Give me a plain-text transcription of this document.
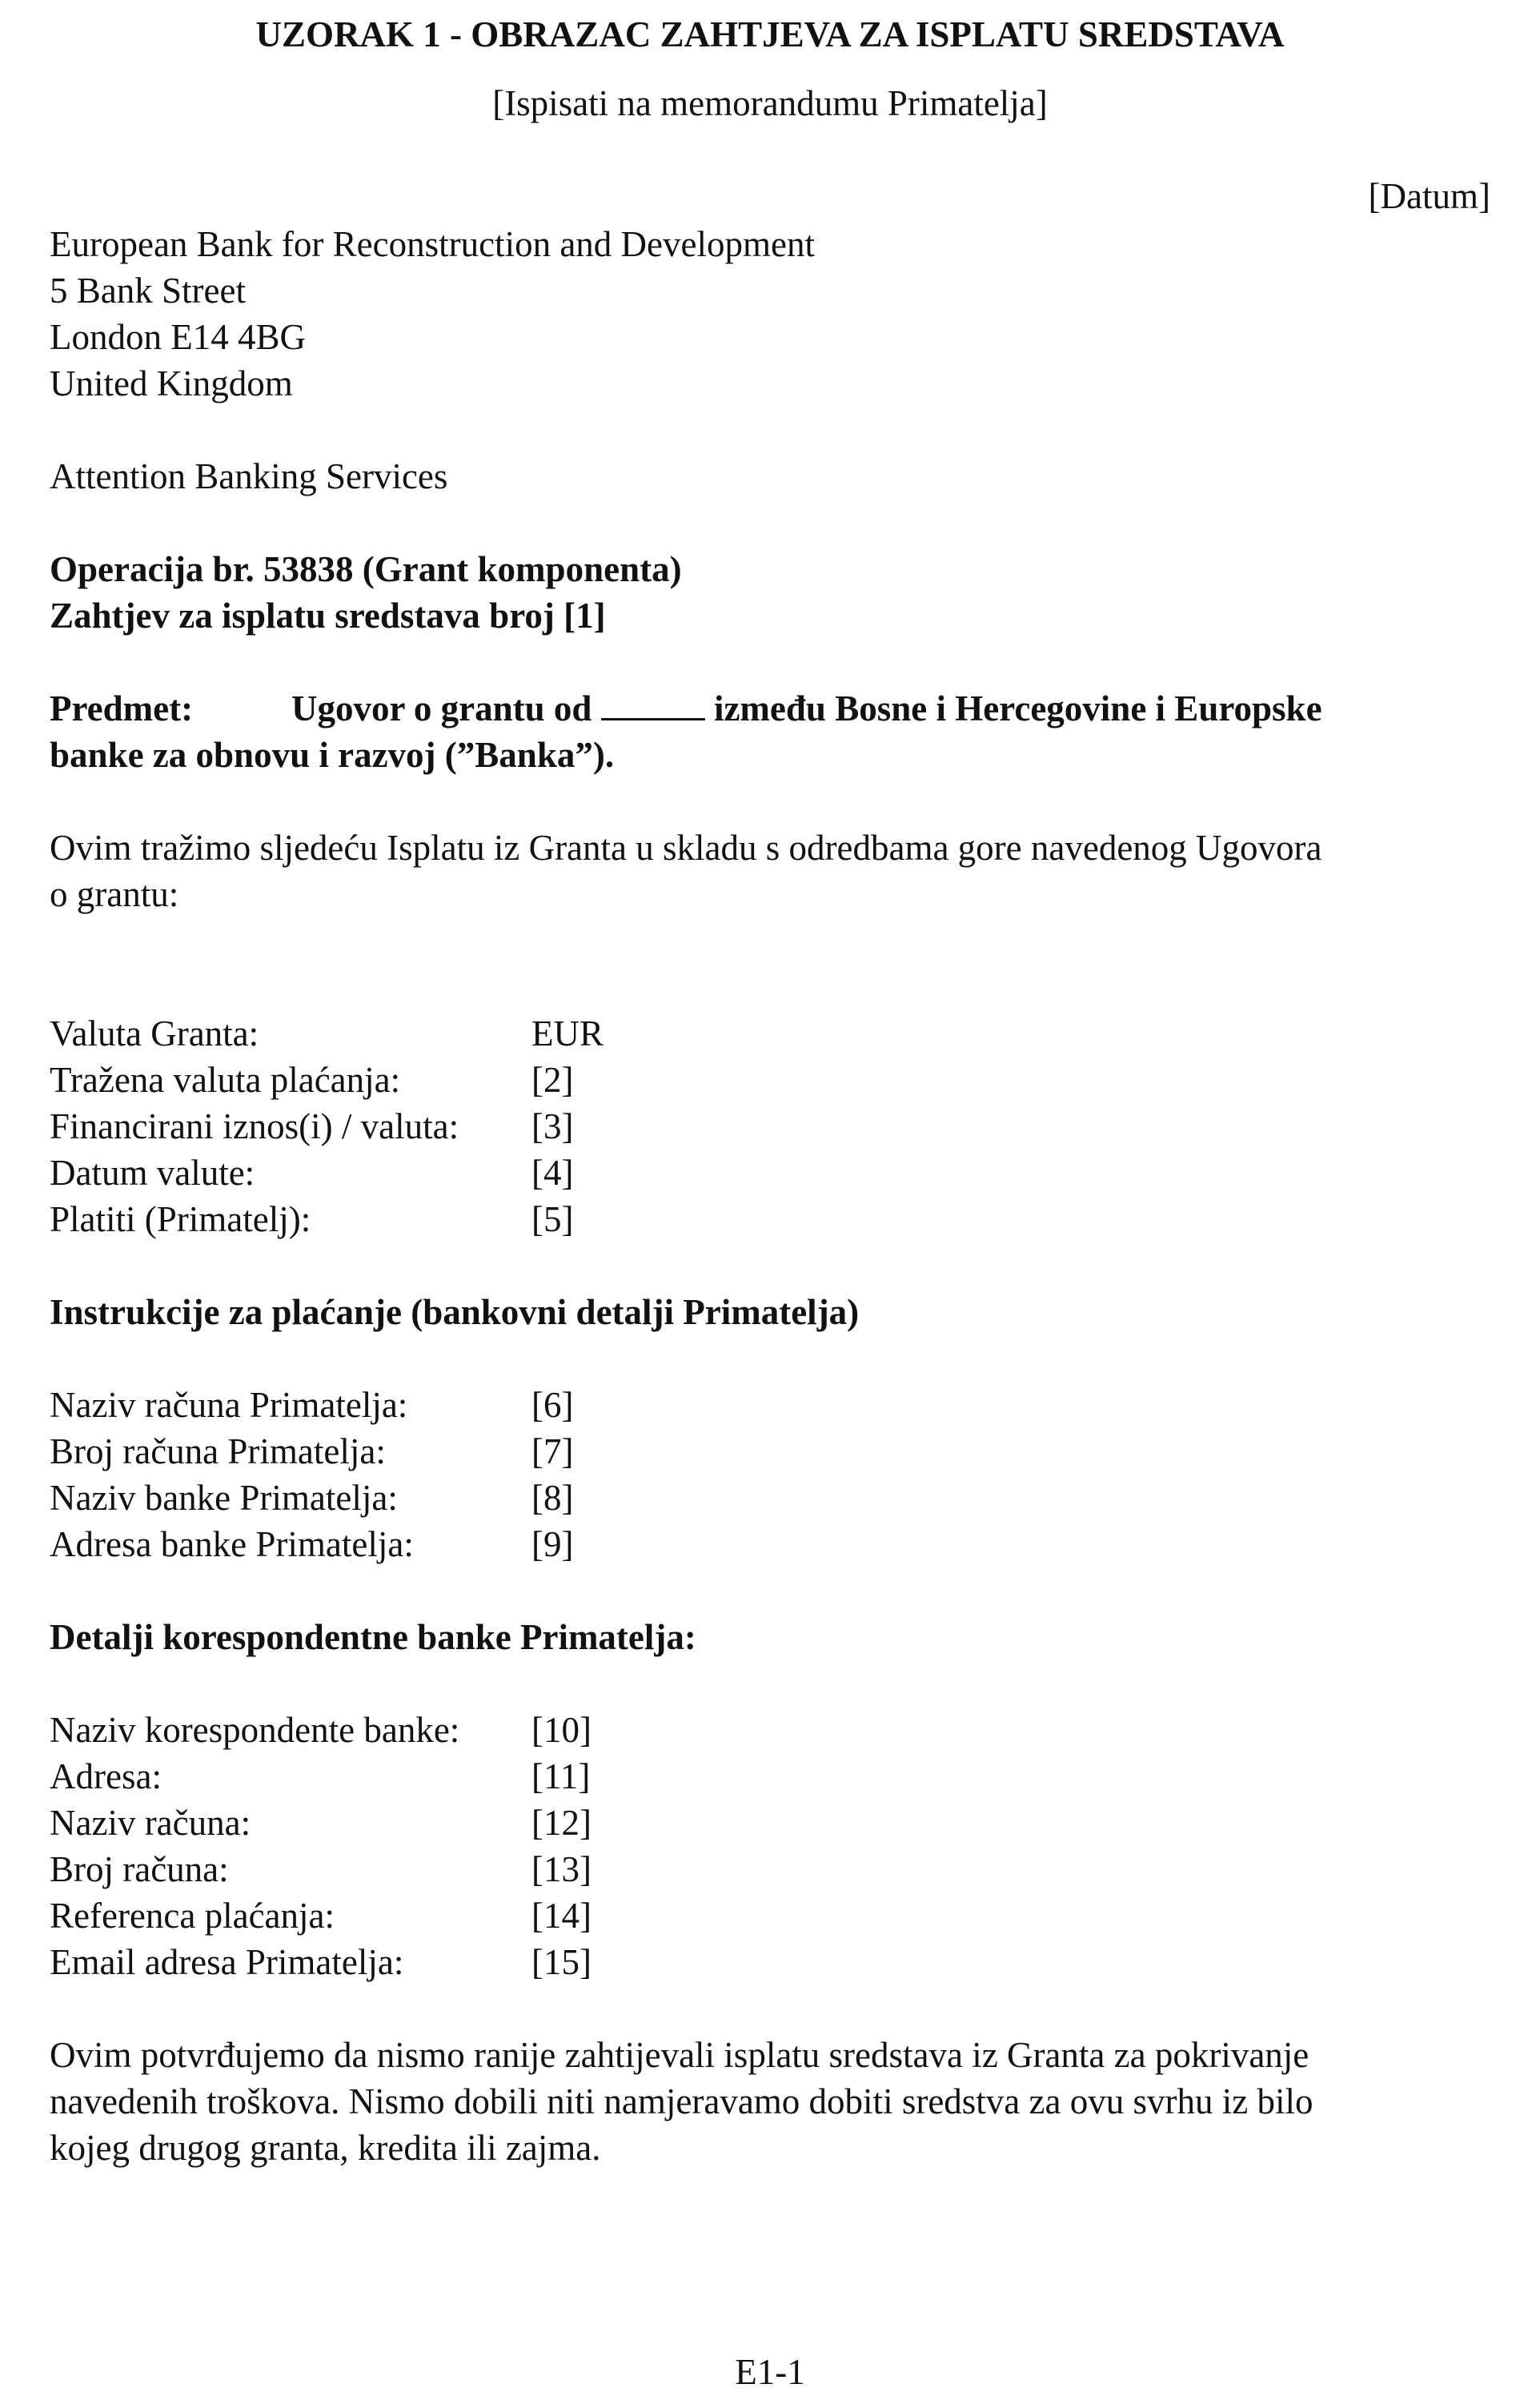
UZORAK 1 - OBRAZAC ZAHTJEVA ZA ISPLATU SREDSTAVA
[Ispisati na memorandumu Primatelja]
[Datum]
European Bank for Reconstruction and Development
5 Bank Street
London E14 4BG
United Kingdom
Attention Banking Services
Operacija br. 53838 (Grant komponenta)
Zahtjev za isplatu sredstava broj [1]
Predmet:	Ugovor o grantu od	između Bosne i Hercegovine i Europske
banke za obnovu i razvoj (”Banka”).
Ovim tražimo sljedeću Isplatu iz Granta u skladu s odredbama gore navedenog Ugovora
o grantu:
Valuta Granta:	EUR
Tražena valuta plaćanja:	[2]
Financirani iznos(i) / valuta: [3]
Datum valute:	[4]
Platiti (Primatelj):	[5]
Instrukcije za plaćanje (bankovni detalji Primatelja)
Naziv računa Primatelja:	[6]
Broj računa Primatelja:	[7]
Naziv banke Primatelja:	[8]
Adresa banke Primatelja:	[9]
Detalji korespondentne banke Primatelja:
Naziv korespondente banke: [10]
Adresa:	[11]
Naziv računa:	[12]
Broj računa:	[13]
Referenca plaćanja:	[14]
Email adresa Primatelja:	[15]
Ovim potvrđujemo da nismo ranije zahtijevali isplatu sredstava iz Granta za pokrivanje
navedenih troškova. Nismo dobili niti namjeravamo dobiti sredstva za ovu svrhu iz bilo
kojeg drugog granta, kredita ili zajma.
E1-1
